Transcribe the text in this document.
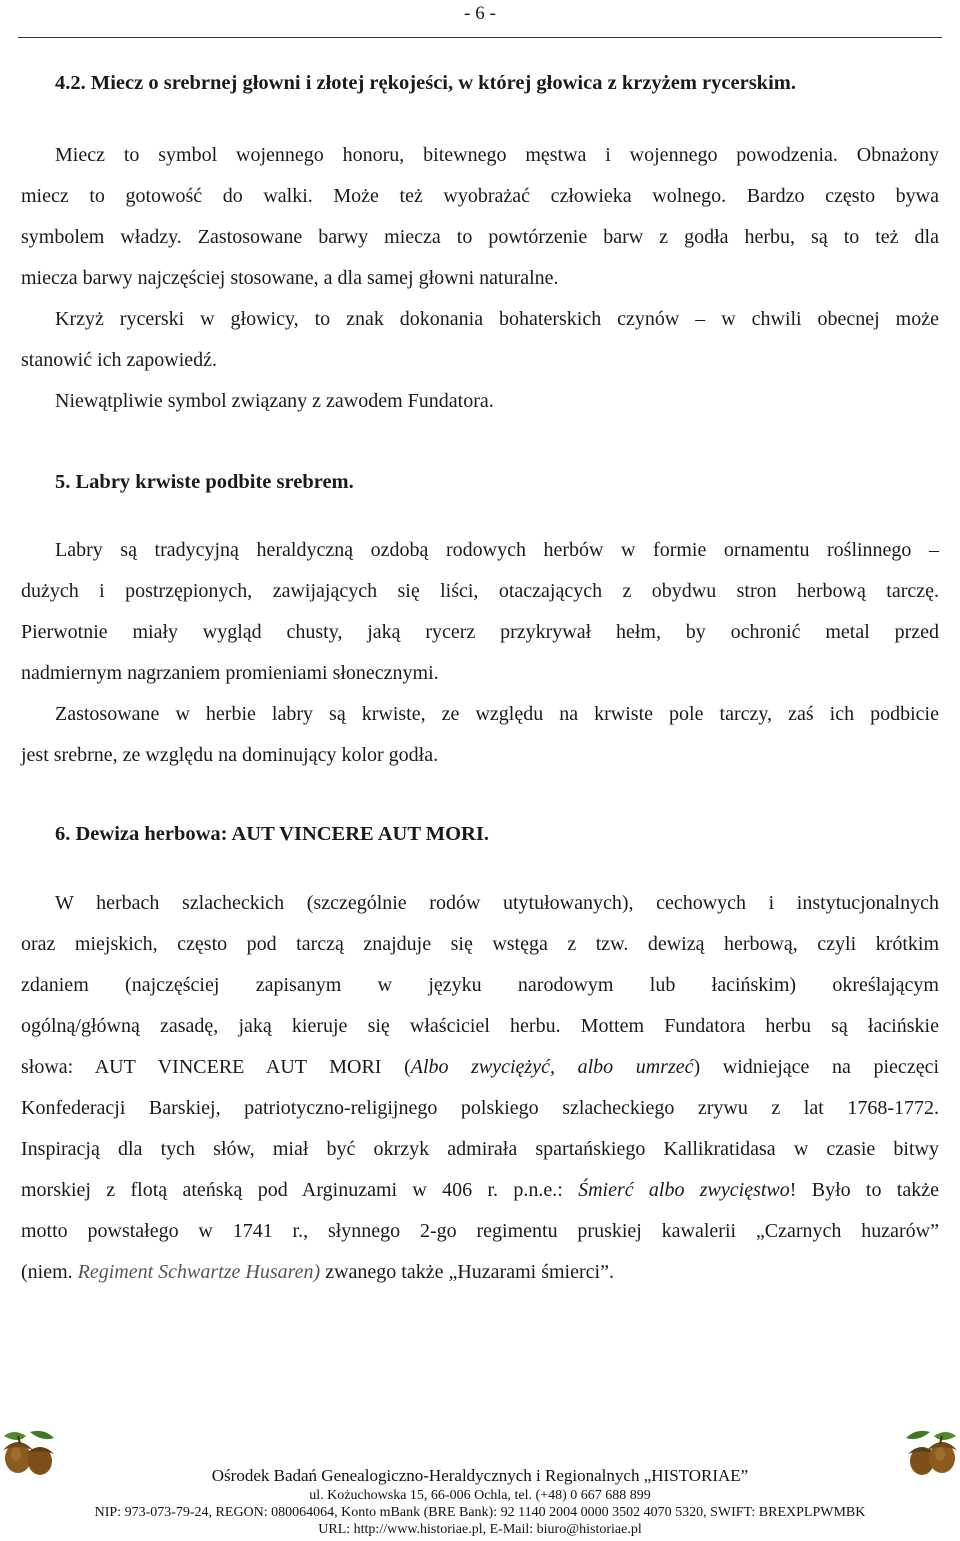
- 6 -
4.2. Miecz o srebrnej głowni i złotej rękojeści, w której głowica z krzyżem rycerskim.
Miecz to symbol wojennego honoru, bitewnego męstwa i wojennego powodzenia. Obnażony
miecz to gotowość do walki. Może też wyobrażać człowieka wolnego. Bardzo często bywa
symbolem władzy. Zastosowane barwy miecza to powtórzenie barw z godła herbu, są to też dla
miecza barwy najczęściej stosowane, a dla samej głowni naturalne.
Krzyż rycerski w głowicy, to znak dokonania bohaterskich czynów – w chwili obecnej może
stanowić ich zapowiedź.
Niewątpliwie symbol związany z zawodem Fundatora.
5. Labry krwiste podbite srebrem.
Labry są tradycyjną heraldyczną ozdobą rodowych herbów w formie ornamentu roślinnego –
dużych i postrzępionych, zawijających się liści, otaczających z obydwu stron herbową tarczę.
Pierwotnie miały wygląd chusty, jaką rycerz przykrywał hełm, by ochronić metal przed
nadmiernym nagrzaniem promieniami słonecznymi.
Zastosowane w herbie labry są krwiste, ze względu na krwiste pole tarczy, zaś ich podbicie
jest srebrne, ze względu na dominujący kolor godła.
6. Dewiza herbowa: AUT VINCERE AUT MORI.
W herbach szlacheckich (szczególnie rodów utytułowanych), cechowych i instytucjonalnych
oraz miejskich, często pod tarczą znajduje się wstęga z tzw. dewizą herbową, czyli krótkim
zdaniem (najczęściej zapisanym w języku narodowym lub łacińskim) określającym
ogólną/główną zasadę, jaką kieruje się właściciel herbu. Mottem Fundatora herbu są łacińskie
słowa: AUT VINCERE AUT MORI (Albo zwyciężyć, albo umrzeć) widniejące na pieczęci
Konfederacji Barskiej, patriotyczno-religijnego polskiego szlacheckiego zrywu z lat 1768-1772.
Inspiracją dla tych słów, miał być okrzyk admirała spartańskiego Kallikratidasa w czasie bitwy
morskiej z flotą ateńską pod Arginuzami w 406 r. p.n.e.: Śmierć albo zwycięstwo! Było to także
motto powstałego w 1741 r., słynnego 2-go regimentu pruskiej kawalerii „Czarnych huzarów”
(niem. Regiment Schwartze Husaren) zwanego także „Huzarami śmierci”.
Ośrodek Badań Genealogiczno-Heraldycznych i Regionalnych „HISTORIAE”
ul. Kożuchowska 15, 66-006 Ochla, tel. (+48) 0 667 688 899
NIP: 973-073-79-24, REGON: 080064064, Konto mBank (BRE Bank): 92 1140 2004 0000 3502 4070 5320, SWIFT: BREXPLPWMBK
URL: http://www.historiae.pl, E-Mail: biuro@historiae.pl
